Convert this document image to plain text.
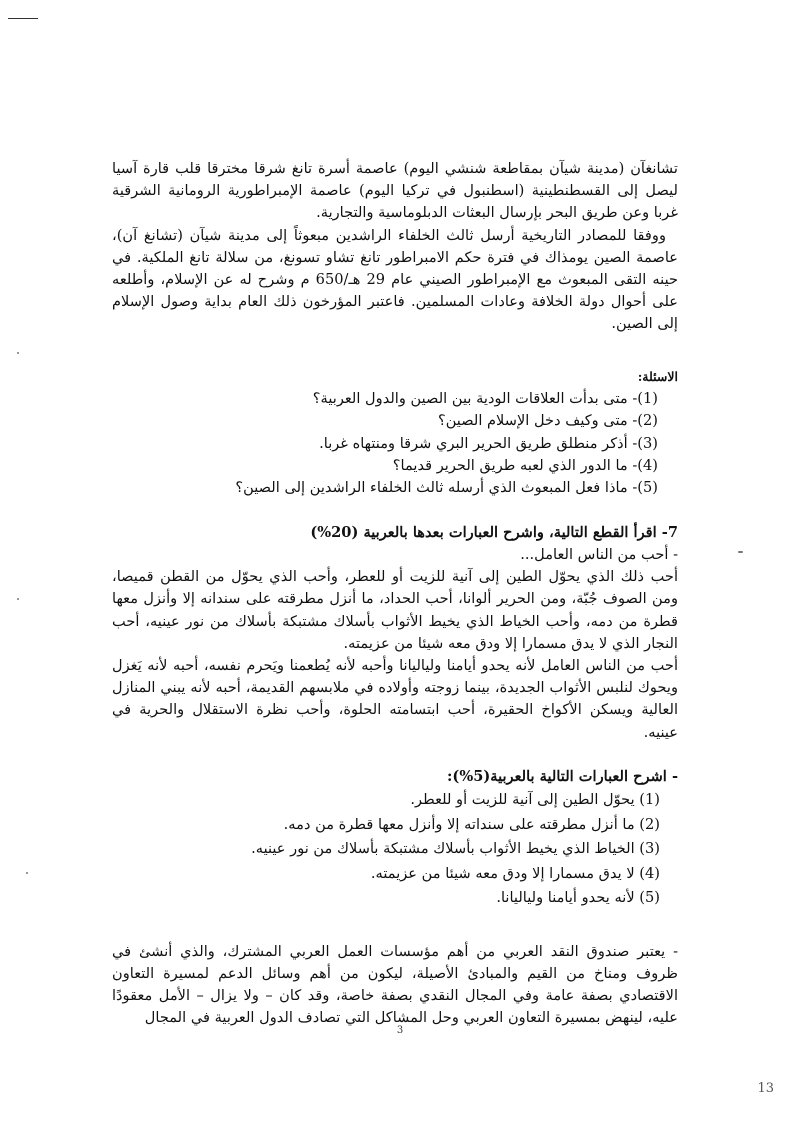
تشانغآن (مدينة شيآن بمقاطعة شنشي اليوم) عاصمة أسرة تانغ شرقا مخترقا قلب قارة آسيا ليصل إلى القسطنطينية (اسطنبول في تركيا اليوم) عاصمة الإمبراطورية الرومانية الشرقية غربا وعن طريق البحر بإرسال البعثات الدبلوماسية والتجارية.

ووفقا للمصادر التاريخية أرسل ثالث الخلفاء الراشدين مبعوثاً إلى مدينة شيآن (تشانغ آن)، عاصمة الصين يومذاك في فترة حكم الامبراطور تانغ تشاو تسونغ، من سلالة تانغ الملكية. في حينه التقى المبعوث مع الإمبراطور الصيني عام 29 هـ/650 م وشرح له عن الإسلام، وأطلعه على أحوال دولة الخلافة وعادات المسلمين. فاعتبر المؤرخون ذلك العام بداية وصول الإسلام إلى الصين.

الاسئلة:

(1)- متى بدأت العلاقات الودية بين الصين والدول العربية؟
(2)- متى وكيف دخل الإسلام الصين؟
(3)- أذكر منطلق طريق الحرير البري شرقا ومنتهاه غربا.
(4)- ما الدور الذي لعبه طريق الحرير قديما؟
(5)- ماذا فعل المبعوث الذي أرسله ثالث الخلفاء الراشدين إلى الصين؟

7- اقرأ القطع التالية، واشرح العبارات بعدها بالعربية (20%)

- أحب من الناس العامل...

أحب ذلك الذي يحوّل الطين إلى آنية للزيت أو للعطر، وأحب الذي يحوّل من القطن قميصا، ومن الصوف جُبّة، ومن الحرير ألوانا، أحب الحداد، ما أنزل مطرقته على سندانه إلا وأنزل معها قطرة من دمه، وأحب الخياط الذي يخيط الأثواب بأسلاك مشتبكة بأسلاك من نور عينيه، أحب النجار الذي لا يدق مسمارا إلا ودق معه شيئا من عزيمته.

أحب من الناس العامل لأنه يحدو أيامنا ولياليانا وأحبه لأنه يُطعمنا ويَحرم نفسه، أحبه لأنه يَغزل ويحوك لنلبس الأثواب الجديدة، بينما زوجته وأولاده في ملابسهم القديمة، أحبه لأنه يبني المنازل العالية ويسكن الأكواخ الحقيرة، أحب ابتسامته الحلوة، وأحب نظرة الاستقلال والحرية في عينيه.

- اشرح العبارات التالية بالعربية(5%):

(1) يحوّل الطين إلى آنية للزيت أو للعطر.
(2) ما أنزل مطرقته على سنداته إلا وأنزل معها قطرة من دمه.
(3) الخياط الذي يخيط الأثواب بأسلاك مشتبكة بأسلاك من نور عينيه.
(4) لا يدق مسمارا إلا ودق معه شيئا من عزيمته.
(5) لأنه يحدو أيامنا ولياليانا.

- يعتبر صندوق النقد العربي من أهم مؤسسات العمل العربي المشترك، والذي أنشئ في ظروف ومناخ من القيم والمبادئ الأصيلة، ليكون من أهم وسائل الدعم لمسيرة التعاون الاقتصادي بصفة عامة وفي المجال النقدي بصفة خاصة، وقد كان – ولا يزال – الأمل معقودًا عليه، لينهض بمسيرة التعاون العربي وحل المشاكل التي تصادف الدول العربية في المجال

3
13
